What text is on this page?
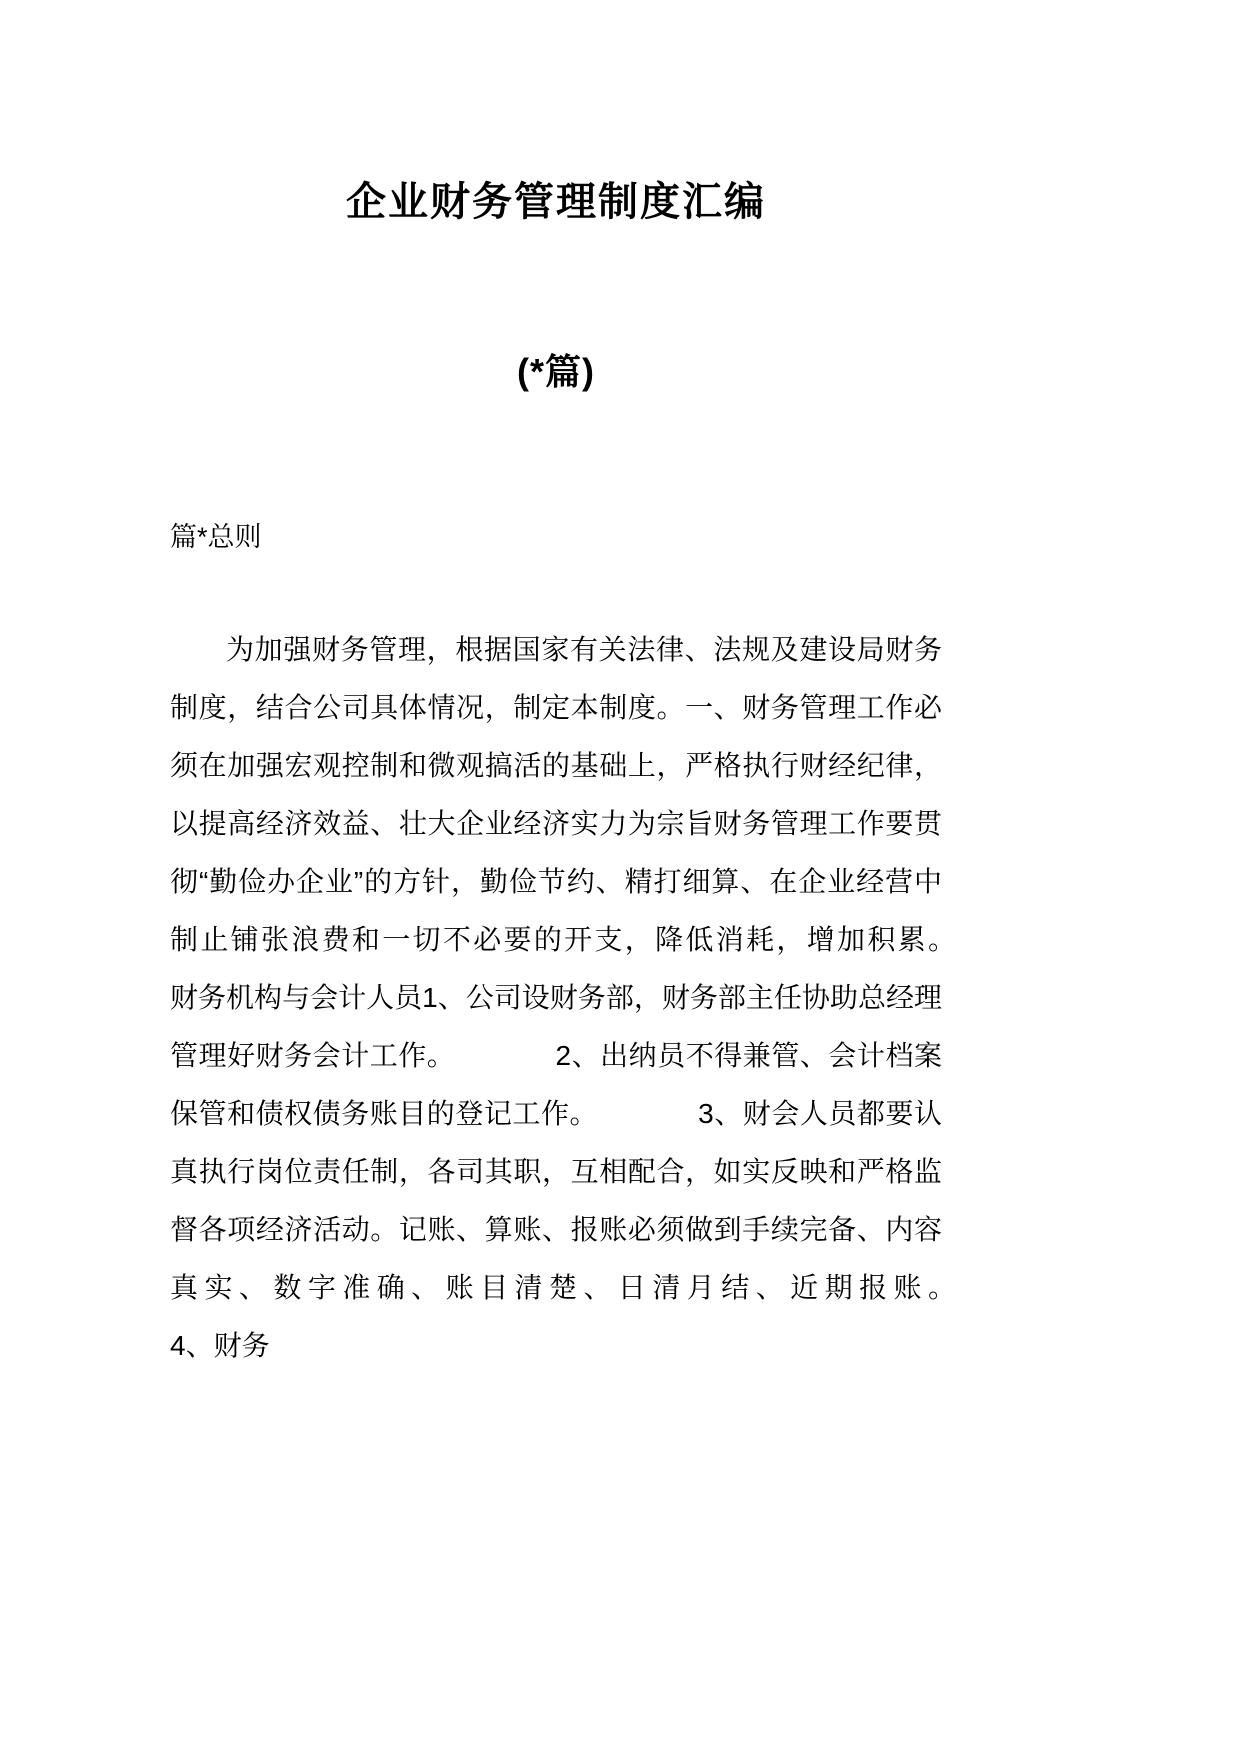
企业财务管理制度汇编
(*篇)
篇*总则

为加强财务管理，根据国家有关法律、法规及建设局财务制度，结合公司具体情况，制定本制度。一、财务管理工作必须在加强宏观控制和微观搞活的基础上，严格执行财经纪律，以提高经济效益、壮大企业经济实力为宗旨财务管理工作要贯彻“勤俭办企业”的方针，勤俭节约、精打细算、在企业经营中制止铺张浪费和一切不必要的开支，降低消耗，增加积累。　　　　财务机构与会计人员1、公司设财务部，财务部主任协助总经理管理好财务会计工作。　　　　2、出纳员不得兼管、会计档案保管和债权债务账目的登记工作。　　　　3、财会人员都要认真执行岗位责任制，各司其职，互相配合，如实反映和严格监督各项经济活动。记账、算账、报账必须做到手续完备、内容真实、数字准确、账目清楚、日清月结、近期报账。　　　　4、财务
